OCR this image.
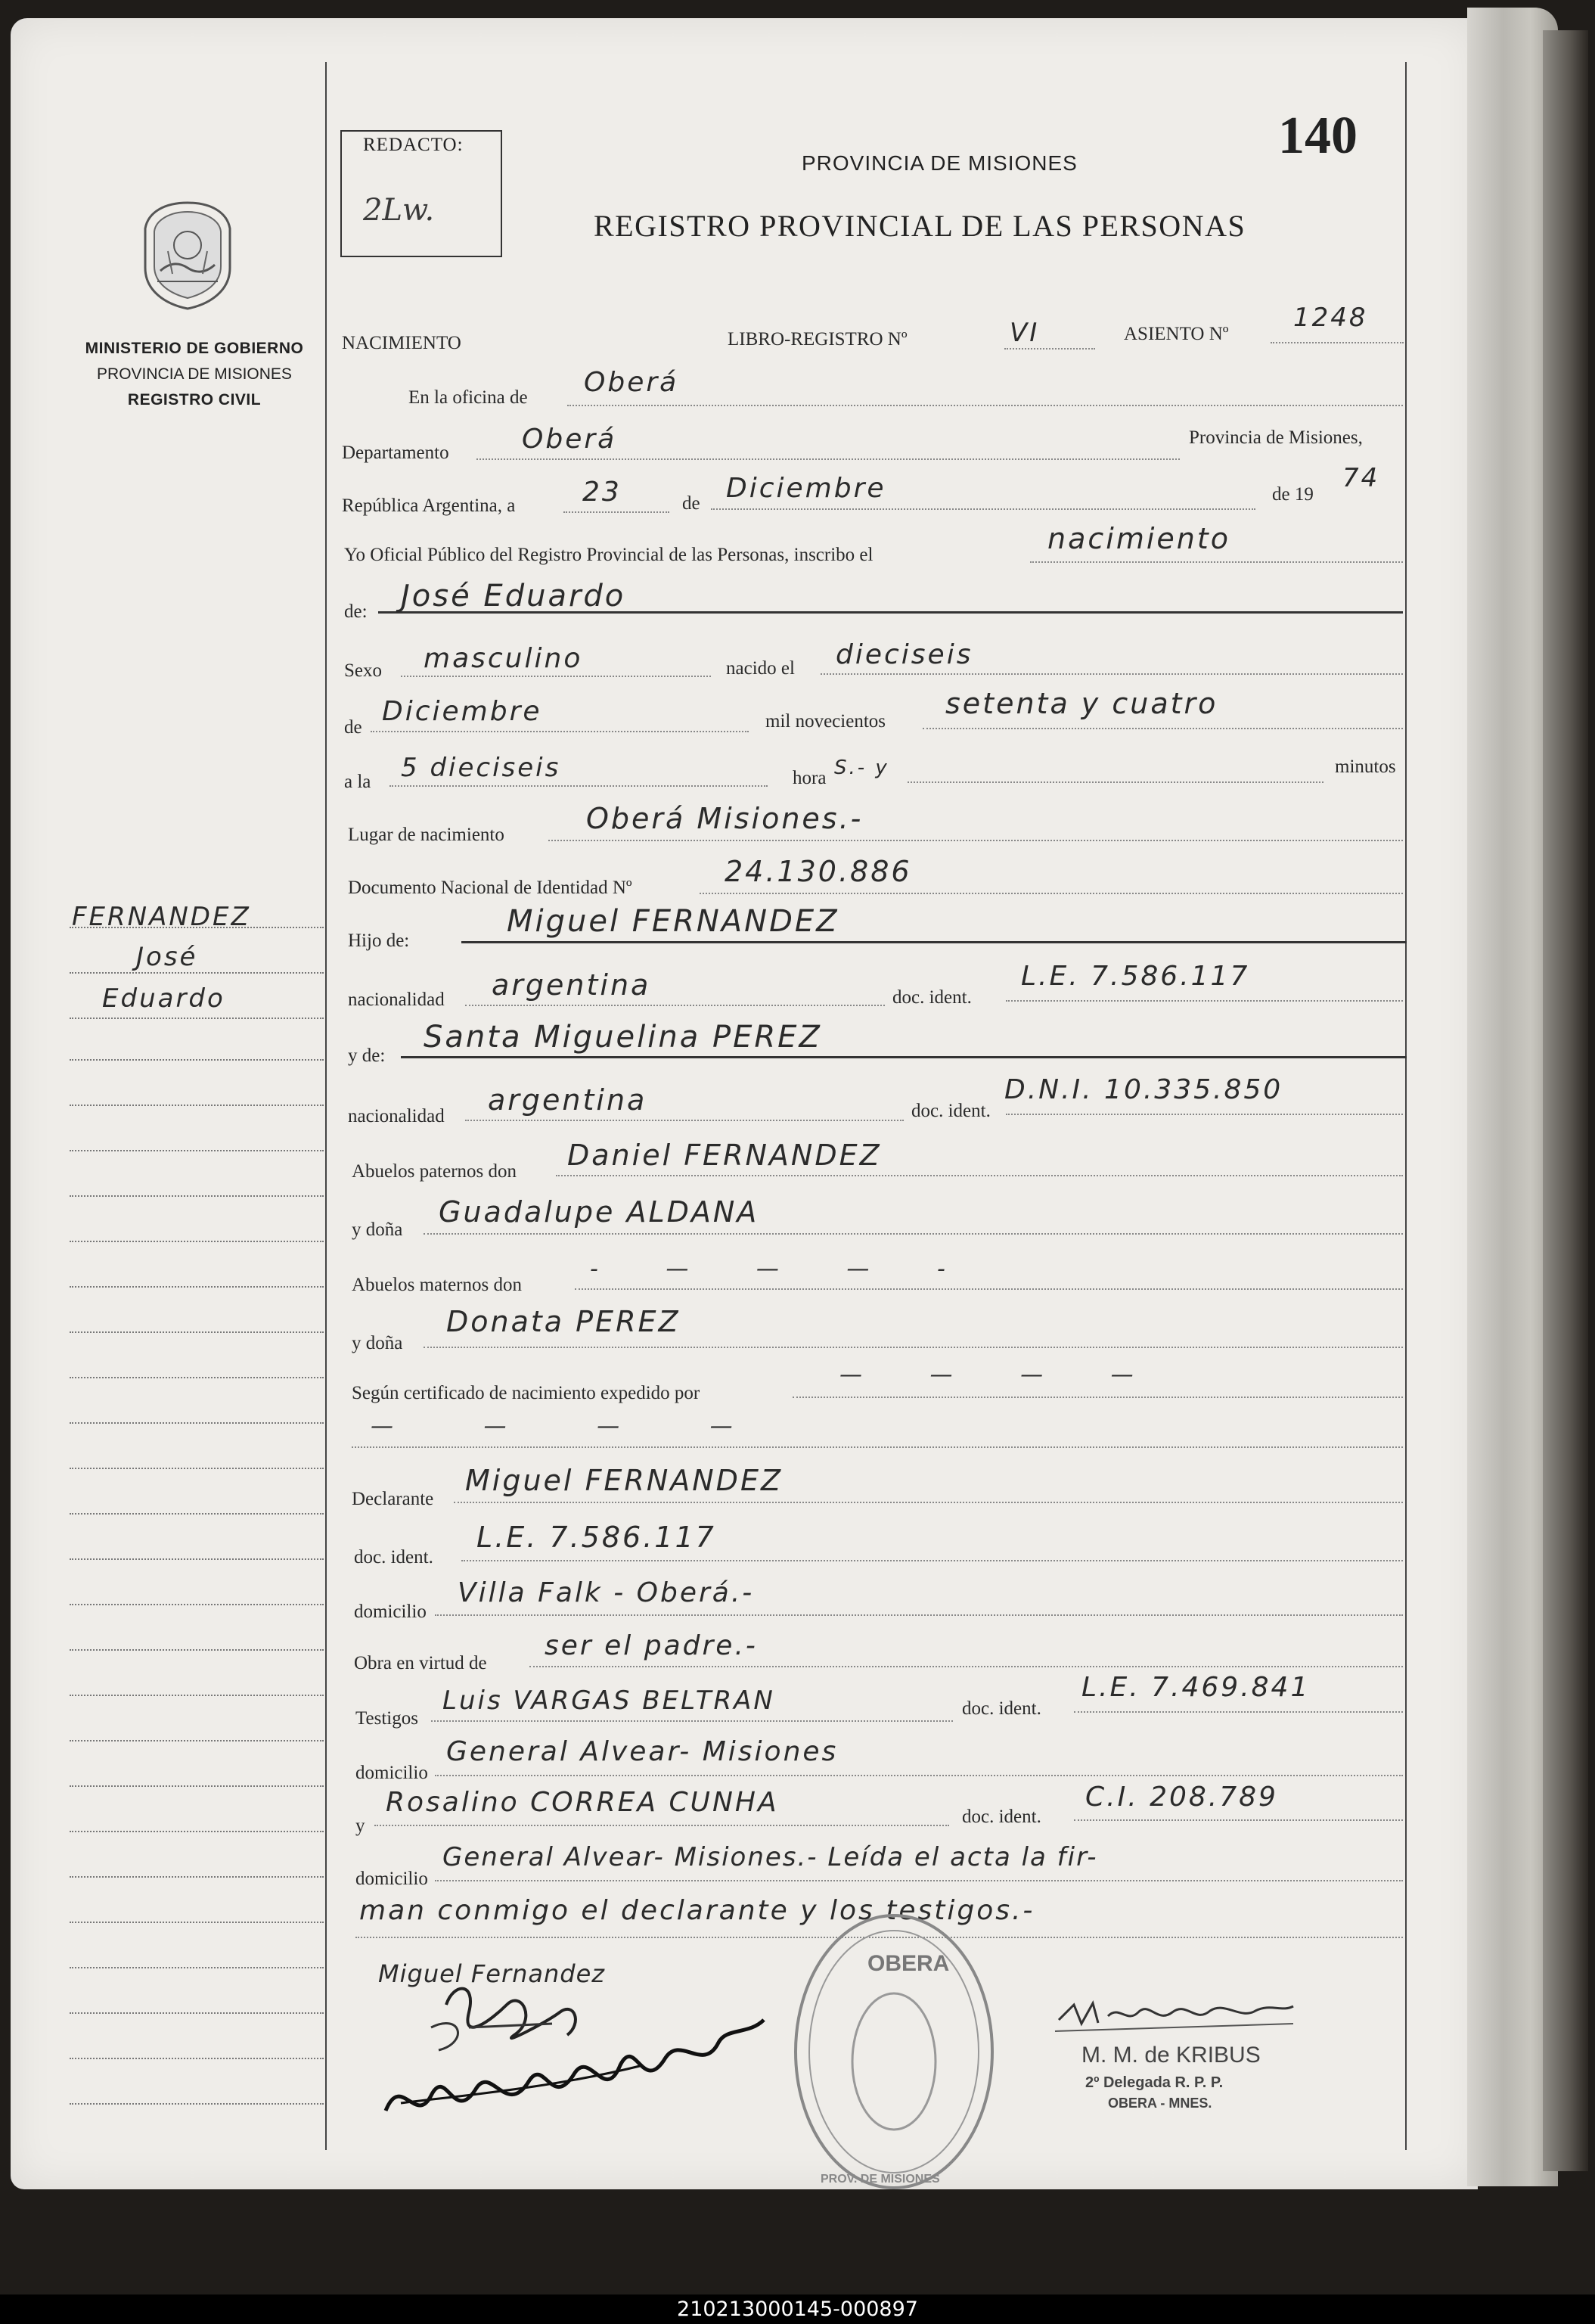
MINISTERIO DE GOBIERNO
PROVINCIA DE MISIONES
REGISTRO CIVIL
FERNANDEZ
José
Eduardo
REDACTO:
2Lw.
140
PROVINCIA DE MISIONES
REGISTRO PROVINCIAL DE LAS PERSONAS
NACIMIENTO	LIBRO-REGISTRO Nº	VI	ASIENTO Nº
1248
En la oficina de Oberá
Departamento	Oberá	Provincia de Misiones,
República Argentina, a 23	de Diciembre	de 19
74
Yo Oficial Público del Registro Provincial de las Personas, inscribo el	nacimiento
de: José Eduardo
Sexo masculino	nacido el dieciseis
de
Diciembre	mil novecientos
setenta y cuatro
a la 5 dieciseis	hora S.- y	minutos
Lugar de nacimiento	Oberá Misiones.-
Documento Nacional de Identidad Nº	24.130.886
Hijo de:
Miguel FERNANDEZ
nacionalidad argentina	doc. ident.
L.E. 7.586.117
y de:
Santa Miguelina PEREZ
nacionalidad argentina	doc. ident.
D.N.I. 10.335.850
Abuelos paternos don Daniel FERNANDEZ
y doña
Guadalupe ALDANA
Abuelos maternos don
- — — — -
y doña
Donata PEREZ
Según certificado de nacimiento expedido por
— — — —
— — — —
Declarante
Miguel FERNANDEZ
doc. ident.
L.E. 7.586.117
domicilio
Villa Falk - Oberá.-
Obra en virtud de
ser el padre.-
Testigos
Luis VARGAS BELTRAN	doc. ident.
L.E. 7.469.841
domicilio
General Alvear- Misiones
y
Rosalino CORREA CUNHA	doc. ident.
C.I. 208.789
domicilio
General Alvear- Misiones.- Leída el acta la fir-
man conmigo el declarante y los testigos.-
Miguel Fernandez	OBERA
PROV. DE MISIONES
M. M. de KRIBUS
2º Delegada R. P. P.
OBERA - MNES.
210213000145-000897
